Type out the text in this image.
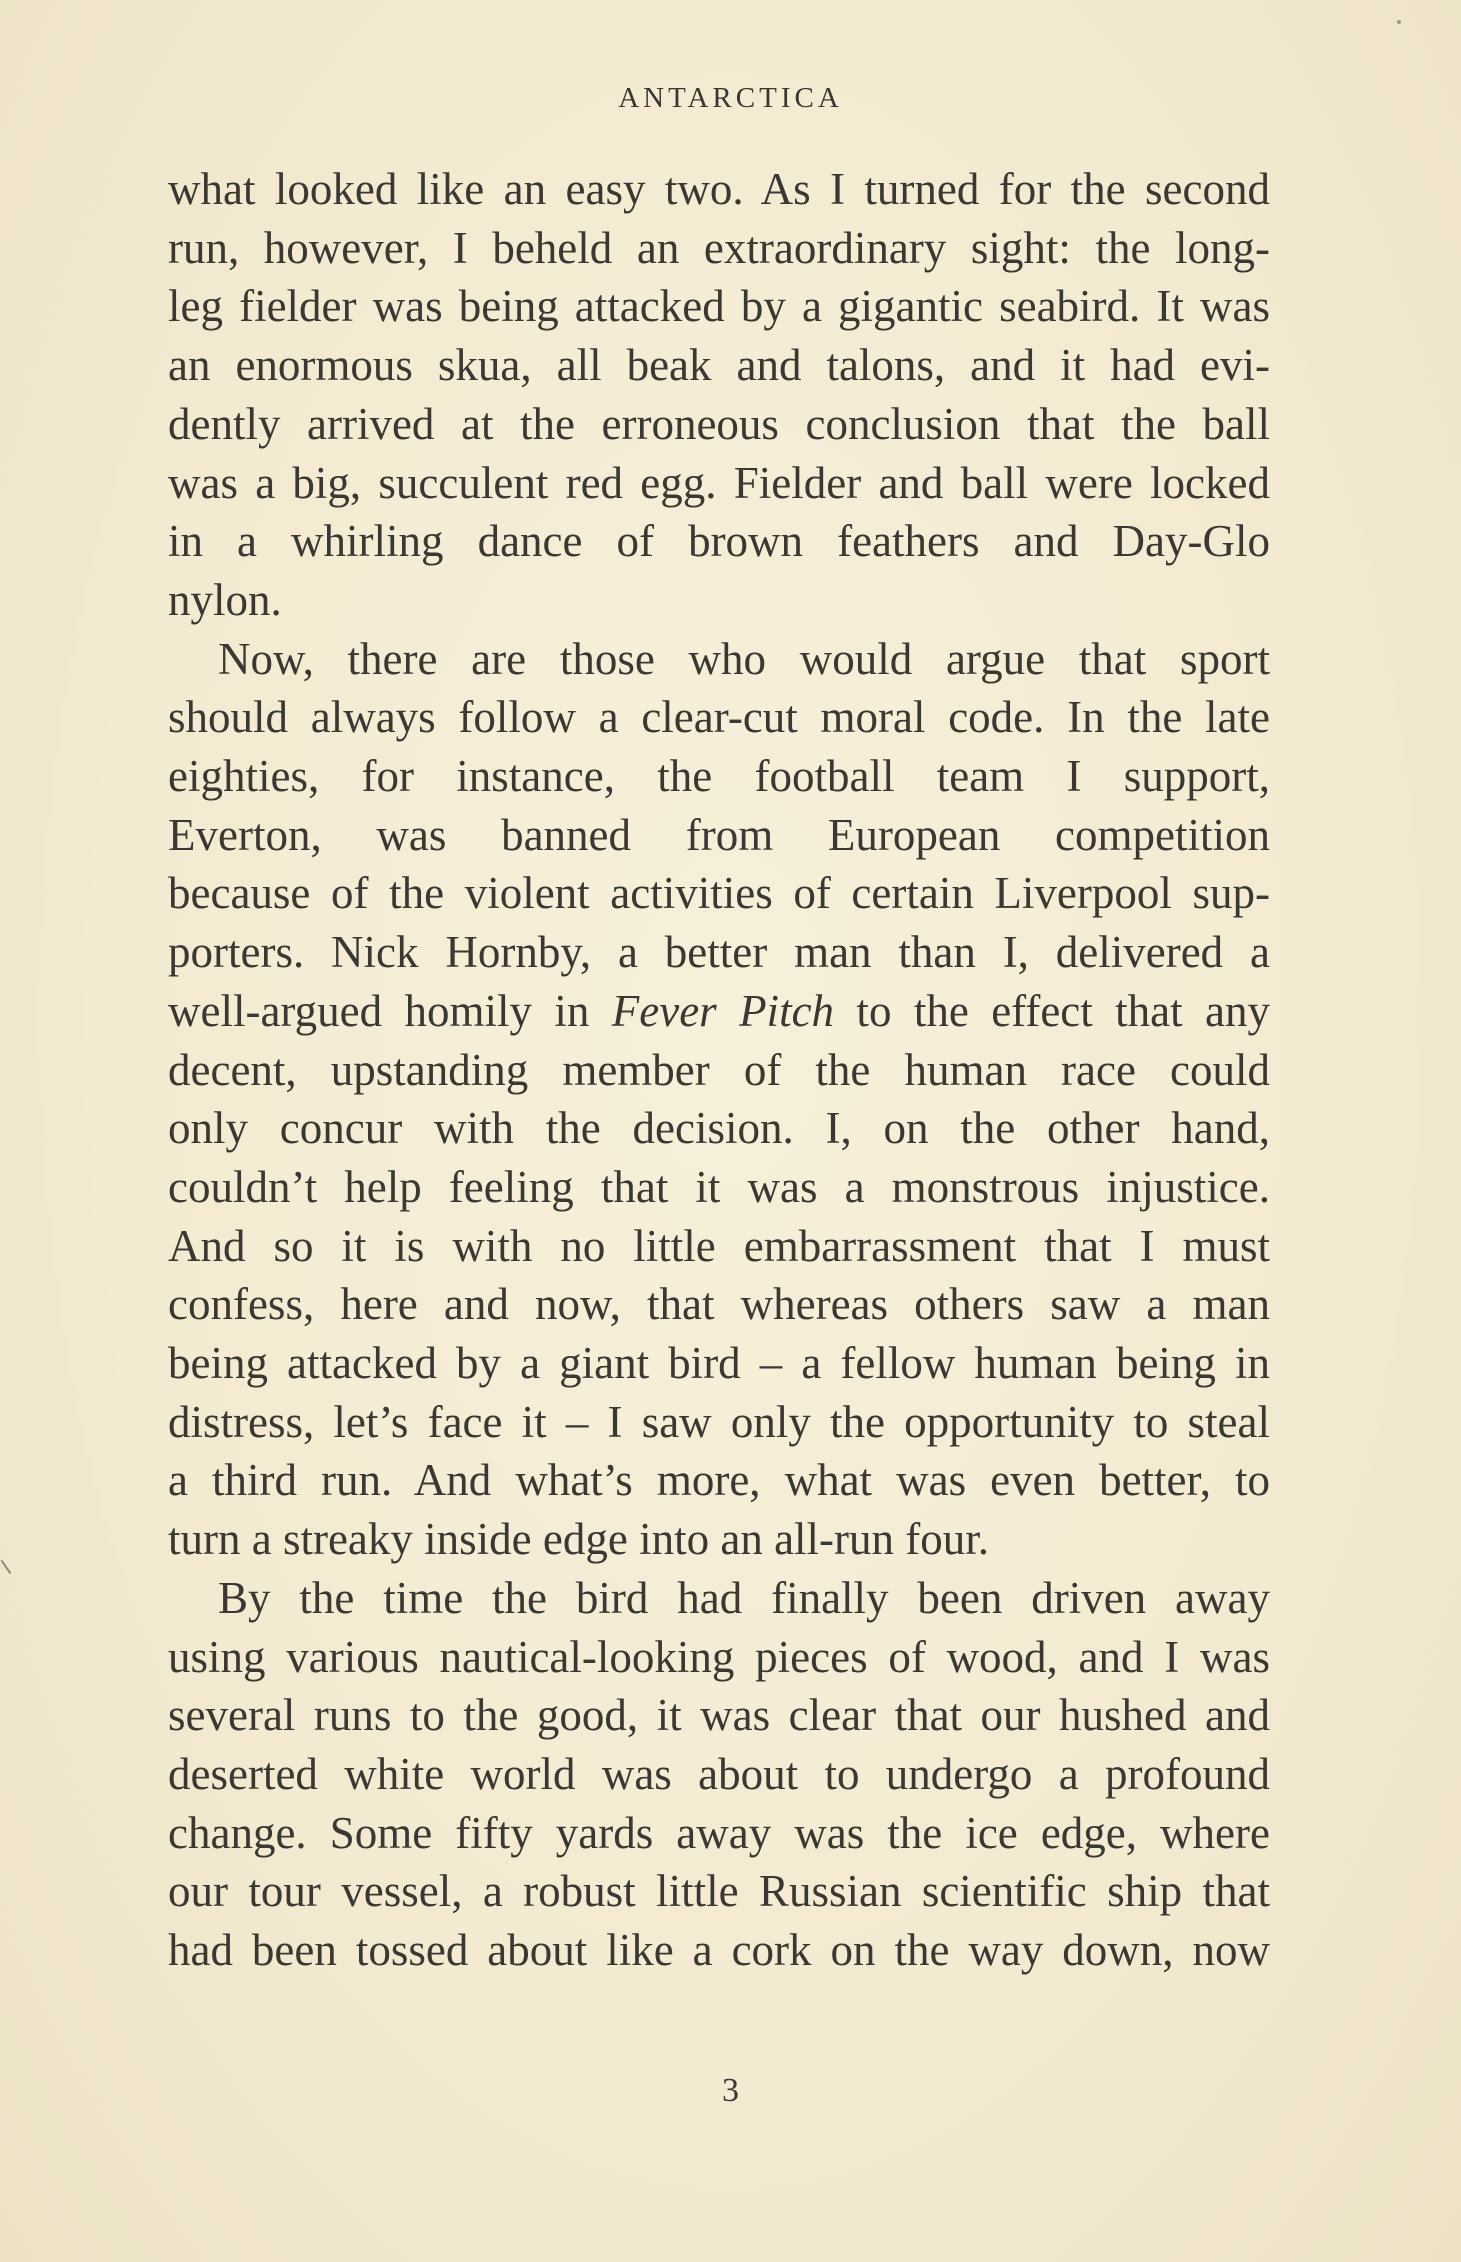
ANTARCTICA
what looked like an easy two. As I turned for the second
run, however, I beheld an extraordinary sight: the long-
leg fielder was being attacked by a gigantic seabird. It was
an enormous skua, all beak and talons, and it had evi-
dently arrived at the erroneous conclusion that the ball
was a big, succulent red egg. Fielder and ball were locked
in a whirling dance of brown feathers and Day-Glo
nylon.
Now, there are those who would argue that sport
should always follow a clear-cut moral code. In the late
eighties, for instance, the football team I support,
Everton, was banned from European competition
because of the violent activities of certain Liverpool sup-
porters. Nick Hornby, a better man than I, delivered a
well-argued homily in Fever Pitch to the effect that any
decent, upstanding member of the human race could
only concur with the decision. I, on the other hand,
couldn’t help feeling that it was a monstrous injustice.
And so it is with no little embarrassment that I must
confess, here and now, that whereas others saw a man
being attacked by a giant bird – a fellow human being in
distress, let’s face it – I saw only the opportunity to steal
a third run. And what’s more, what was even better, to
turn a streaky inside edge into an all-run four.
By the time the bird had finally been driven away
using various nautical-looking pieces of wood, and I was
several runs to the good, it was clear that our hushed and
deserted white world was about to undergo a profound
change. Some fifty yards away was the ice edge, where
our tour vessel, a robust little Russian scientific ship that
had been tossed about like a cork on the way down, now
3
